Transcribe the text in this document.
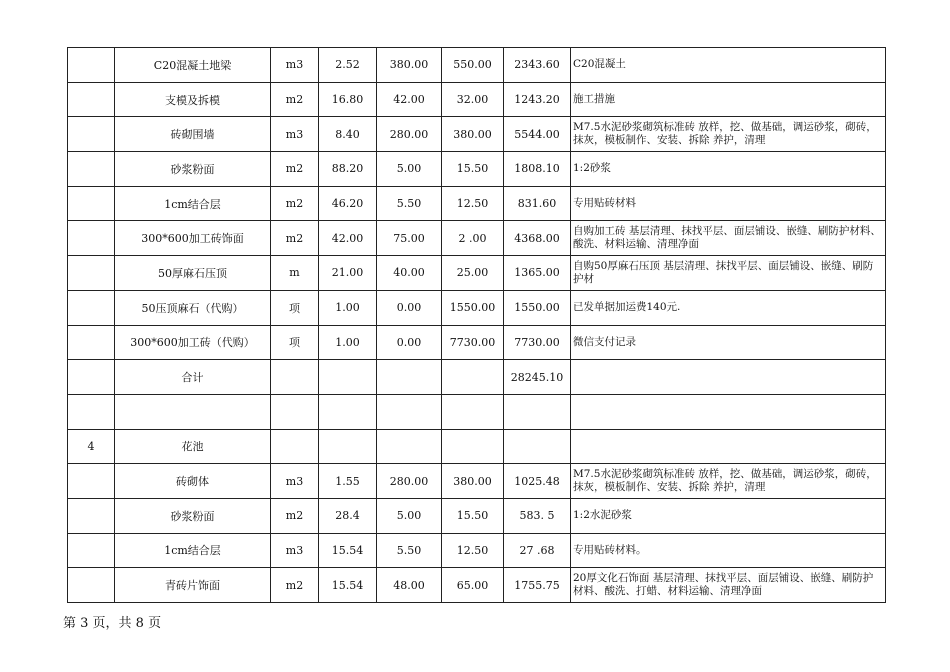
	C20混凝土地梁	m3	2.52	380.00	550.00	2343.60	C20混凝土
	支模及拆模	m2	16.80	42.00	32.00	1243.20	施工措施
	砖砌围墙	m3	8.40	280.00	380.00	5544.00	M7.5水泥砂浆砌筑标准砖 放样，挖、做基础，调运砂浆，砌砖，抹灰，模板制作、安装、拆除 养护，清理
	砂浆粉面	m2	88.20	5.00	15.50	1808.10	1:2砂浆
	1cm结合层	m2	46.20	5.50	12.50	831.60	专用贴砖材料
	300*600加工砖饰面	m2	42.00	75.00	2 .00	4368.00	自购加工砖 基层清理、抹找平层、面层铺设、嵌缝、刷防护材料、酸洗、材料运输、清理净面
	50厚麻石压顶	m	21.00	40.00	25.00	1365.00	自购50厚麻石压顶 基层清理、抹找平层、面层铺设、嵌缝、刷防护材
	50压顶麻石（代购）	项	1.00	0.00	1550.00	1550.00	已发单据加运费140元.
	300*600加工砖（代购）	项	1.00	0.00	7730.00	7730.00	微信支付记录
	合计					28245.10	

4	花池						
	砖砌体	m3	1.55	280.00	380.00	1025.48	M7.5水泥砂浆砌筑标准砖 放样，挖、做基础，调运砂浆，砌砖，抹灰，模板制作、安装、拆除 养护，清理
	砂浆粉面	m2	28.4	5.00	15.50	583. 5	1:2水泥砂浆
	1cm结合层	m3	15.54	5.50	12.50	27 .68	专用贴砖材料。
	青砖片饰面	m2	15.54	48.00	65.00	1755.75	20厚文化石饰面 基层清理、抹找平层、面层铺设、嵌缝、刷防护材料、酸洗、打蜡、材料运输、清理净面
第 3 页，共 8 页
